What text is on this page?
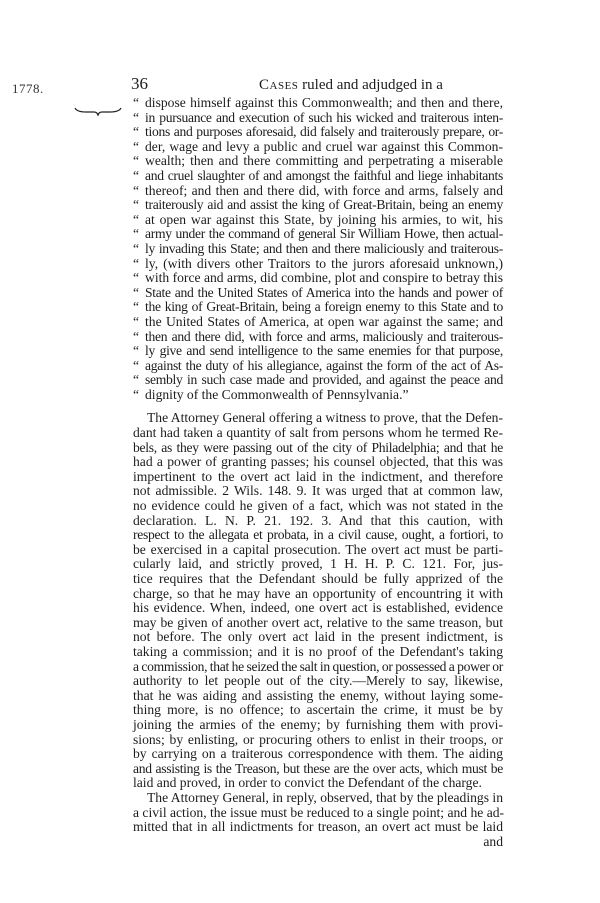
1778.	36	Cases ruled and adjudged in a
“ dispose himself against this Commonwealth; and then and there,
“ in pursuance and execution of such his wicked and traiterous inten-
“ tions and purposes aforesaid, did falsely and traiterously prepare, or-
“ der, wage and levy a public and cruel war against this Common-
“ wealth; then and there committing and perpetrating a miserable
“ and cruel slaughter of and amongst the faithful and liege inhabitants
“ thereof; and then and there did, with force and arms, falsely and
“ traiterously aid and assist the king of Great-Britain, being an enemy
“ at open war against this State, by joining his armies, to wit, his
“ army under the command of general Sir William Howe, then actual-
“ ly invading this State; and then and there maliciously and traiterous-
“ ly, (with divers other Traitors to the jurors aforesaid unknown,)
“ with force and arms, did combine, plot and conspire to betray this
“ State and the United States of America into the hands and power of
“ the king of Great-Britain, being a foreign enemy to this State and to
“ the United States of America, at open war against the same; and
“ then and there did, with force and arms, maliciously and traiterous-
“ ly give and send intelligence to the same enemies for that purpose,
“ against the duty of his allegiance, against the form of the act of As-
“ sembly in such case made and provided, and against the peace and
“ dignity of the Commonwealth of Pennsylvania.”
The Attorney General offering a witness to prove, that the Defen-
dant had taken a quantity of salt from persons whom he termed Re-
bels, as they were passing out of the city of Philadelphia; and that he
had a power of granting passes; his counsel objected, that this was
impertinent to the overt act laid in the indictment, and therefore
not admissible. 2 Wils. 148. 9. It was urged that at common law,
no evidence could he given of a fact, which was not stated in the
declaration. L. N. P. 21. 192. 3. And that this caution, with
respect to the allegata et probata, in a civil cause, ought, a fortiori, to
be exercised in a capital prosecution. The overt act must be parti-
cularly laid, and strictly proved, 1 H. H. P. C. 121. For, jus-
tice requires that the Defendant should be fully apprized of the
charge, so that he may have an opportunity of encountring it with
his evidence. When, indeed, one overt act is established, evidence
may be given of another overt act, relative to the same treason, but
not before. The only overt act laid in the present indictment, is
taking a commission; and it is no proof of the Defendant's taking
a commission, that he seized the salt in question, or possessed a power or
authority to let people out of the city.—Merely to say, likewise,
that he was aiding and assisting the enemy, without laying some-
thing more, is no offence; to ascertain the crime, it must be by
joining the armies of the enemy; by furnishing them with provi-
sions; by enlisting, or procuring others to enlist in their troops, or
by carrying on a traiterous correspondence with them. The aiding
and assisting is the Treason, but these are the over acts, which must be
laid and proved, in order to convict the Defendant of the charge.
The Attorney General, in reply, observed, that by the pleadings in
a civil action, the issue must be reduced to a single point; and he ad-
mitted that in all indictments for treason, an overt act must be laid
and
